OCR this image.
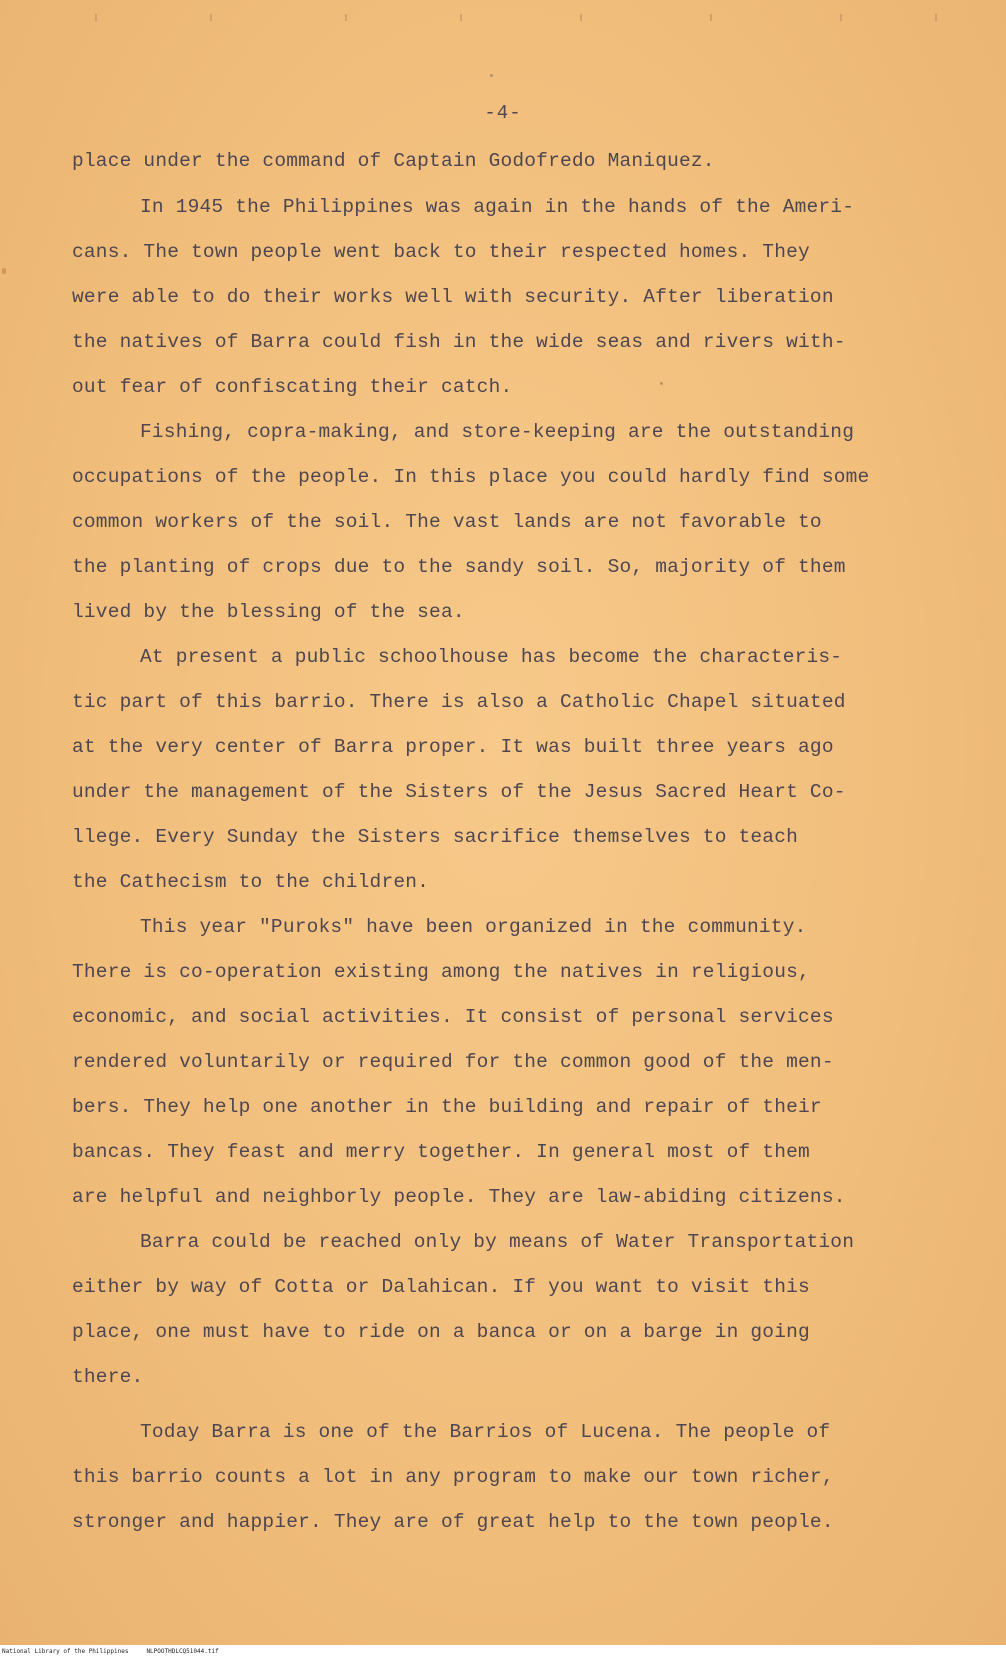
-4-
place under the command of Captain Godofredo Maniquez.
In 1945 the Philippines was again in the hands of the Ameri-
cans. The town people went back to their respected homes. They
were able to do their works well with security. After liberation
the natives of Barra could fish in the wide seas and rivers with-
out fear of confiscating their catch.
Fishing, copra-making, and store-keeping are the outstanding
occupations of the people. In this place you could hardly find some
common workers of the soil. The vast lands are not favorable to
the planting of crops due to the sandy soil. So, majority of them
lived by the blessing of the sea.
At present a public schoolhouse has become the characteris-
tic part of this barrio. There is also a Catholic Chapel situated
at the very center of Barra proper. It was built three years ago
under the management of the Sisters of the Jesus Sacred Heart Co-
llege. Every Sunday the Sisters sacrifice themselves to teach
the Cathecism to the children.
This year "Puroks" have been organized in the community.
There is co-operation existing among the natives in religious,
economic, and social activities. It consist of personal services
rendered voluntarily or required for the common good of the men-
bers. They help one another in the building and repair of their
bancas. They feast and merry together. In general most of them
are helpful and neighborly people. They are law-abiding citizens.
Barra could be reached only by means of Water Transportation
either by way of Cotta or Dalahican. If you want to visit this
place, one must have to ride on a banca or on a barge in going
there.
Today Barra is one of the Barrios of Lucena. The people of
this barrio counts a lot in any program to make our town richer,
stronger and happier. They are of great help to the town people.
National Library of the Philippines	NLPOOTHDLCQ51044.tif
